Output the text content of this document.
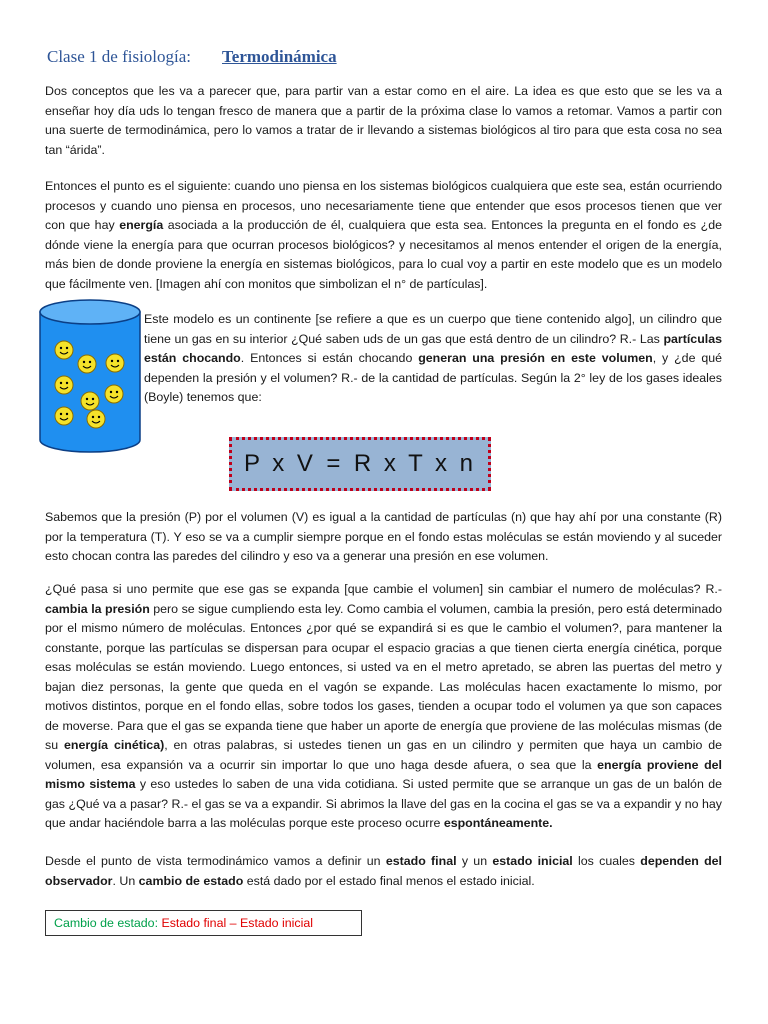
Clase 1 de fisiología: Termodinámica

Dos conceptos que les va a parecer que, para partir van a estar como en el aire. La idea es que esto que se les va a enseñar hoy día uds lo tengan fresco de manera que a partir de la próxima clase lo vamos a retomar. Vamos a partir con una suerte de termodinámica, pero lo vamos a tratar de ir llevando a sistemas biológicos al tiro para que esta cosa no sea tan “árida”.

Entonces el punto es el siguiente: cuando uno piensa en los sistemas biológicos cualquiera que este sea, están ocurriendo procesos y cuando uno piensa en procesos, uno necesariamente tiene que entender que esos procesos tienen que ver con que hay energía asociada a la producción de él, cualquiera que esta sea. Entonces la pregunta en el fondo es ¿de dónde viene la energía para que ocurran procesos biológicos? y necesitamos al menos entender el origen de la energía, más bien de donde proviene la energía en sistemas biológicos, para lo cual voy a partir en este modelo que es un modelo que fácilmente ven. [Imagen ahí con monitos que simbolizan el n° de partículas].

Este modelo es un continente [se refiere a que es un cuerpo que tiene contenido algo], un cilindro que tiene un gas en su interior ¿Qué saben uds de un gas que está dentro de un cilindro? R.- Las partículas están chocando. Entonces si están chocando generan una presión en este volumen, y ¿de qué dependen la presión y el volumen? R.- de la cantidad de partículas. Según la 2° ley de los gases ideales (Boyle) tenemos que:

P x V = R x T x n

Sabemos que la presión (P) por el volumen (V) es igual a la cantidad de partículas (n) que hay ahí por una constante (R) por la temperatura (T). Y eso se va a cumplir siempre porque en el fondo estas moléculas se están moviendo y al suceder esto chocan contra las paredes del cilindro y eso va a generar una presión en ese volumen.

¿Qué pasa si uno permite que ese gas se expanda [que cambie el volumen] sin cambiar el numero de moléculas? R.- cambia la presión pero se sigue cumpliendo esta ley. Como cambia el volumen, cambia la presión, pero está determinado por el mismo número de moléculas. Entonces ¿por qué se expandirá si es que le cambio el volumen?, para mantener la constante, porque las partículas se dispersan para ocupar el espacio gracias a que tienen cierta energía cinética, porque esas moléculas se están moviendo. Luego entonces, si usted va en el metro apretado, se abren las puertas del metro y bajan diez personas, la gente que queda en el vagón se expande. Las moléculas hacen exactamente lo mismo, por motivos distintos, porque en el fondo ellas, sobre todos los gases, tienden a ocupar todo el volumen ya que son capaces de moverse. Para que el gas se expanda tiene que haber un aporte de energía que proviene de las moléculas mismas (de su energía cinética), en otras palabras, si ustedes tienen un gas en un cilindro y permiten que haya un cambio de volumen, esa expansión va a ocurrir sin importar lo que uno haga desde afuera, o sea que la energía proviene del mismo sistema y eso ustedes lo saben de una vida cotidiana. Si usted permite que se arranque un gas de un balón de gas ¿Qué va a pasar? R.- el gas se va a expandir. Si abrimos la llave del gas en la cocina el gas se va a expandir y no hay que andar haciéndole barra a las moléculas porque este proceso ocurre espontáneamente.

Desde el punto de vista termodinámico vamos a definir un estado final y un estado inicial los cuales dependen del observador. Un cambio de estado está dado por el estado final menos el estado inicial.

Cambio de estado: Estado final – Estado inicial
